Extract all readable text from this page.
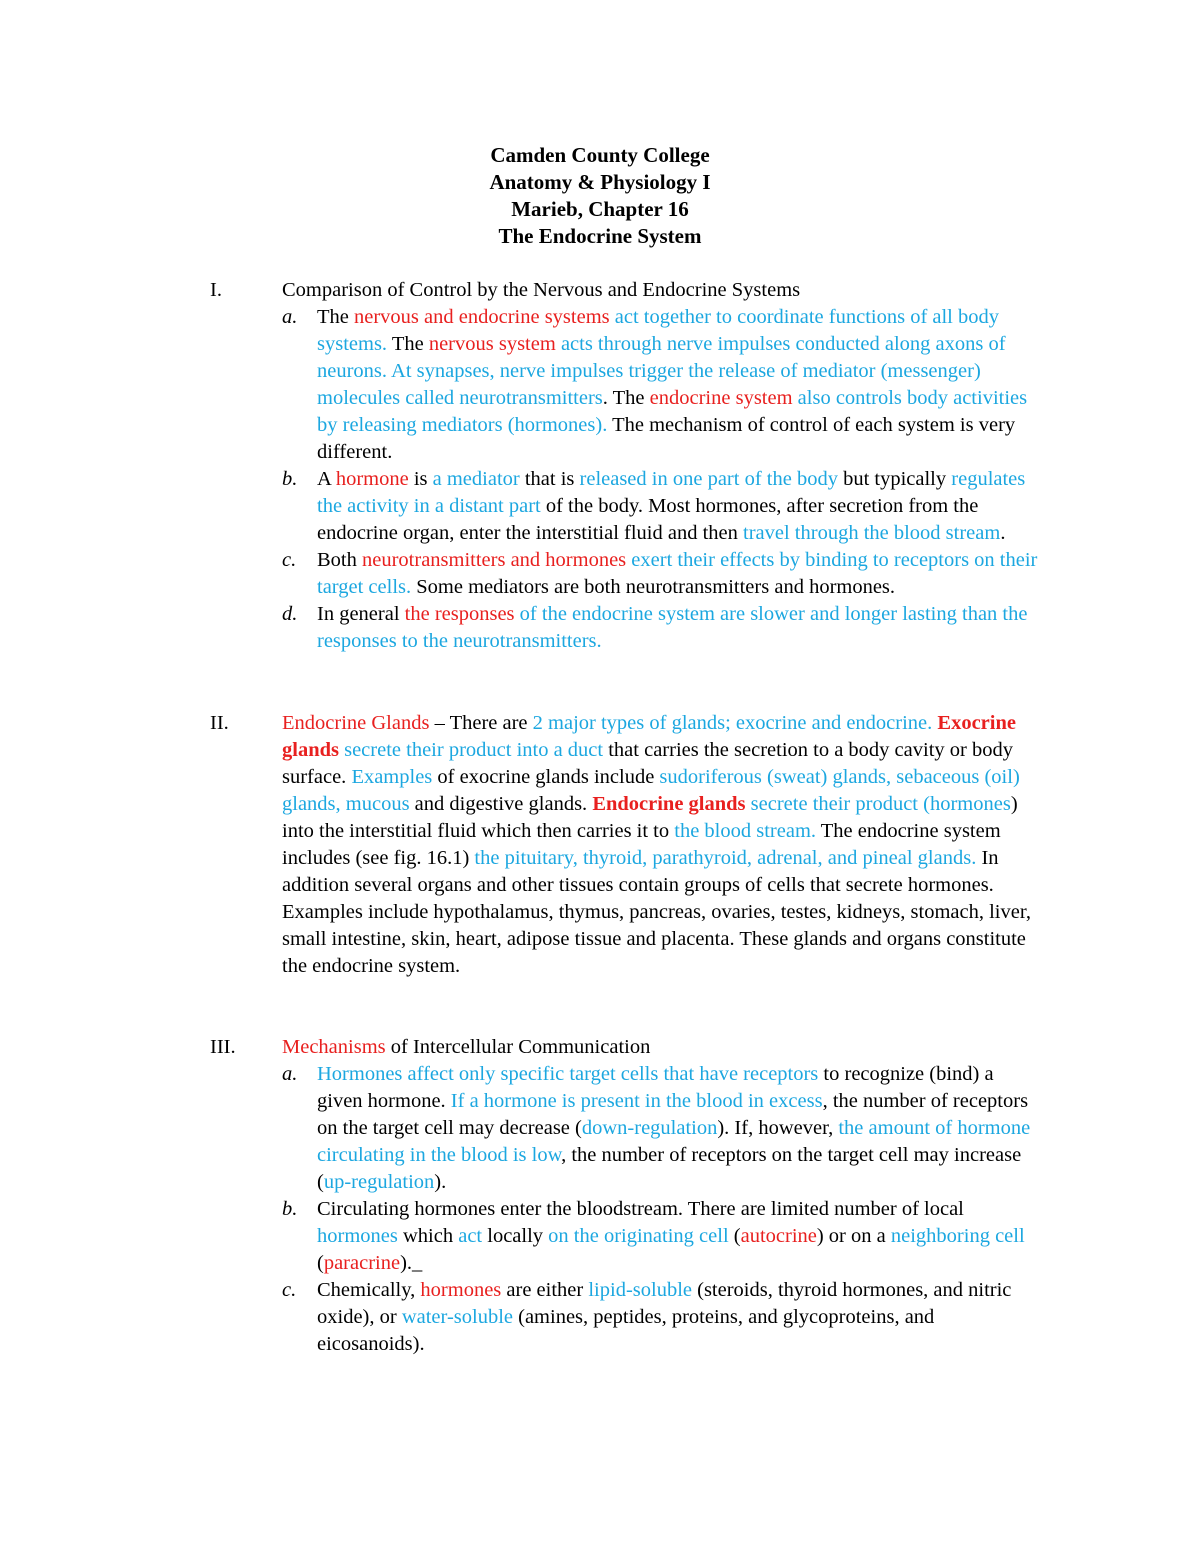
Camden County College
Anatomy & Physiology I
Marieb, Chapter 16
The Endocrine System
I.	Comparison of Control by the Nervous and Endocrine Systems
a. The nervous and endocrine systems act together to coordinate functions of all body systems. The nervous system acts through nerve impulses conducted along axons of neurons. At synapses, nerve impulses trigger the release of mediator (messenger) molecules called neurotransmitters. The endocrine system also controls body activities by releasing mediators (hormones). The mechanism of control of each system is very different.
b. A hormone is a mediator that is released in one part of the body but typically regulates the activity in a distant part of the body. Most hormones, after secretion from the endocrine organ, enter the interstitial fluid and then travel through the blood stream.
c. Both neurotransmitters and hormones exert their effects by binding to receptors on their target cells. Some mediators are both neurotransmitters and hormones.
d. In general the responses of the endocrine system are slower and longer lasting than the responses to the neurotransmitters.
II.	Endocrine Glands – There are 2 major types of glands; exocrine and endocrine. Exocrine glands secrete their product into a duct that carries the secretion to a body cavity or body surface. Examples of exocrine glands include sudoriferous (sweat) glands, sebaceous (oil) glands, mucous and digestive glands. Endocrine glands secrete their product (hormones) into the interstitial fluid which then carries it to the blood stream. The endocrine system includes (see fig. 16.1) the pituitary, thyroid, parathyroid, adrenal, and pineal glands. In addition several organs and other tissues contain groups of cells that secrete hormones. Examples include hypothalamus, thymus, pancreas, ovaries, testes, kidneys, stomach, liver, small intestine, skin, heart, adipose tissue and placenta. These glands and organs constitute the endocrine system.
III. Mechanisms of Intercellular Communication
a. Hormones affect only specific target cells that have receptors to recognize (bind) a given hormone. If a hormone is present in the blood in excess, the number of receptors on the target cell may decrease (down-regulation). If, however, the amount of hormone circulating in the blood is low, the number of receptors on the target cell may increase (up-regulation).
b. Circulating hormones enter the bloodstream. There are limited number of local hormones which act locally on the originating cell (autocrine) or on a neighboring cell (paracrine)._
c. Chemically, hormones are either lipid-soluble (steroids, thyroid hormones, and nitric oxide), or water-soluble (amines, peptides, proteins, and glycoproteins, and eicosanoids).
